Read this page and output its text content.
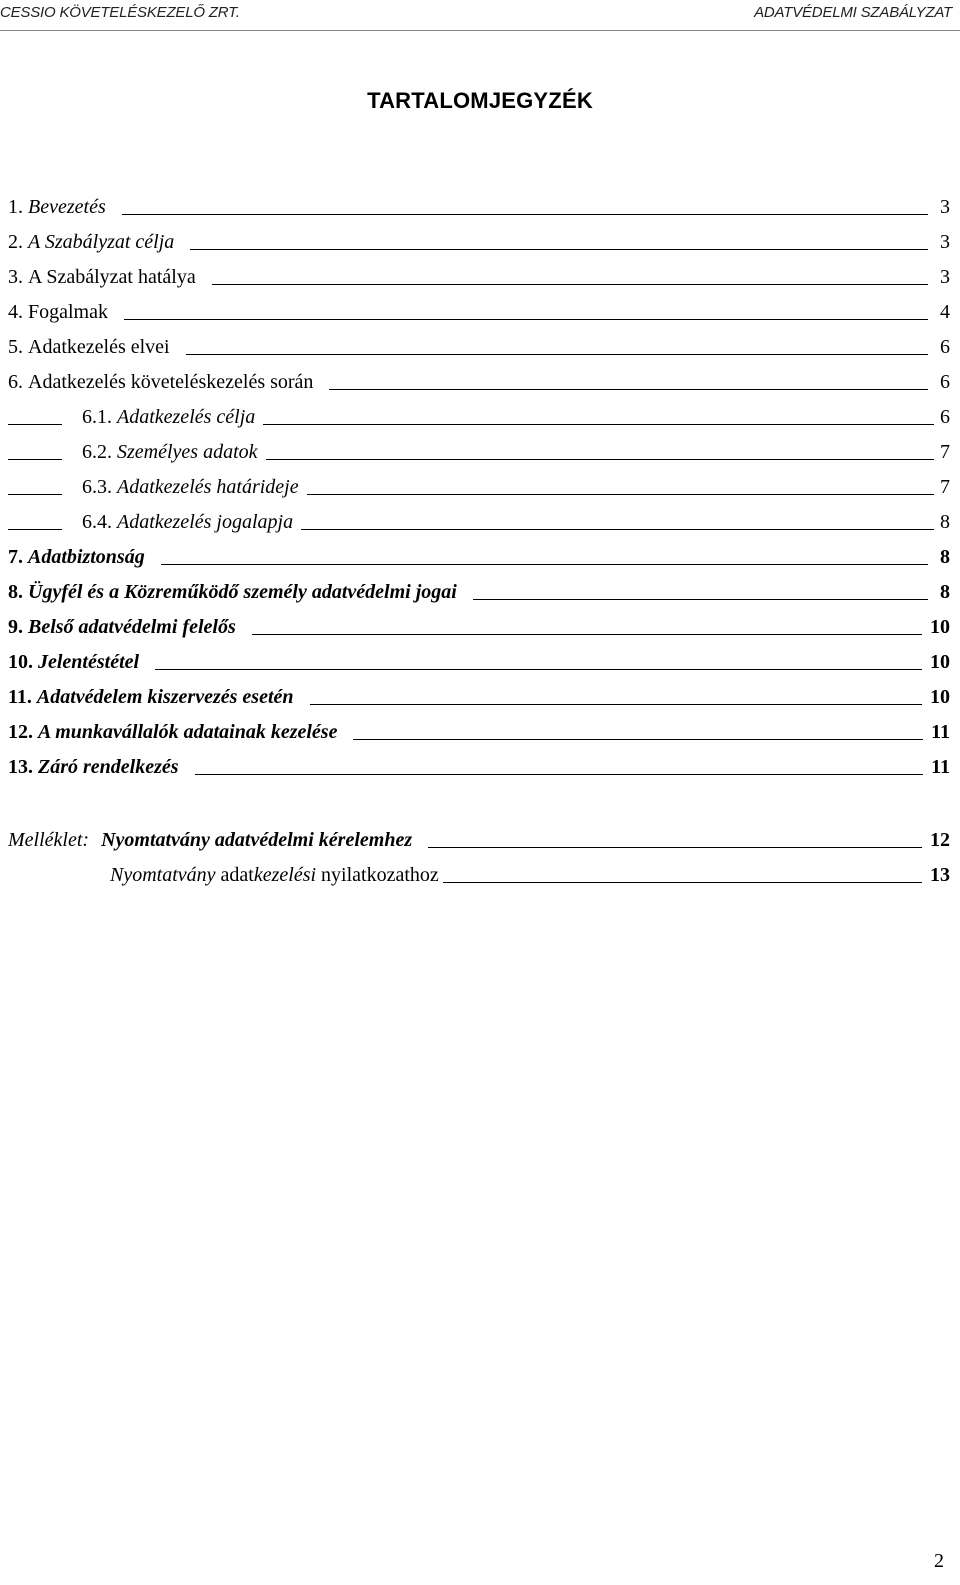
CESSIO KÖVETELÉSKEZELŐ ZRT.	ADATVÉDELMI SZABÁLYZAT
TARTALOMJEGYZÉK
1. Bevezetés	3
2. A Szabályzat célja	3
3. A Szabályzat hatálya	3
4. Fogalmak	4
5. Adatkezelés elvei	6
6. Adatkezelés követeléskezelés során	6
6.1. Adatkezelés célja	6
6.2. Személyes adatok	7
6.3. Adatkezelés határideje	7
6.4. Adatkezelés jogalapja	8
7. Adatbiztonság	8
8. Ügyfél és a Közreműködő személy adatvédelmi jogai	8
9. Belső adatvédelmi felelős	10
10. Jelentéstétel	10
11. Adatvédelem kiszervezés esetén	10
12. A munkavállalók adatainak kezelése	11
13. Záró rendelkezés	11
Melléklet: Nyomtatvány adatvédelmi kérelemhez	12
Nyomtatvány adat kezelési nyilatkozathoz	13
2
